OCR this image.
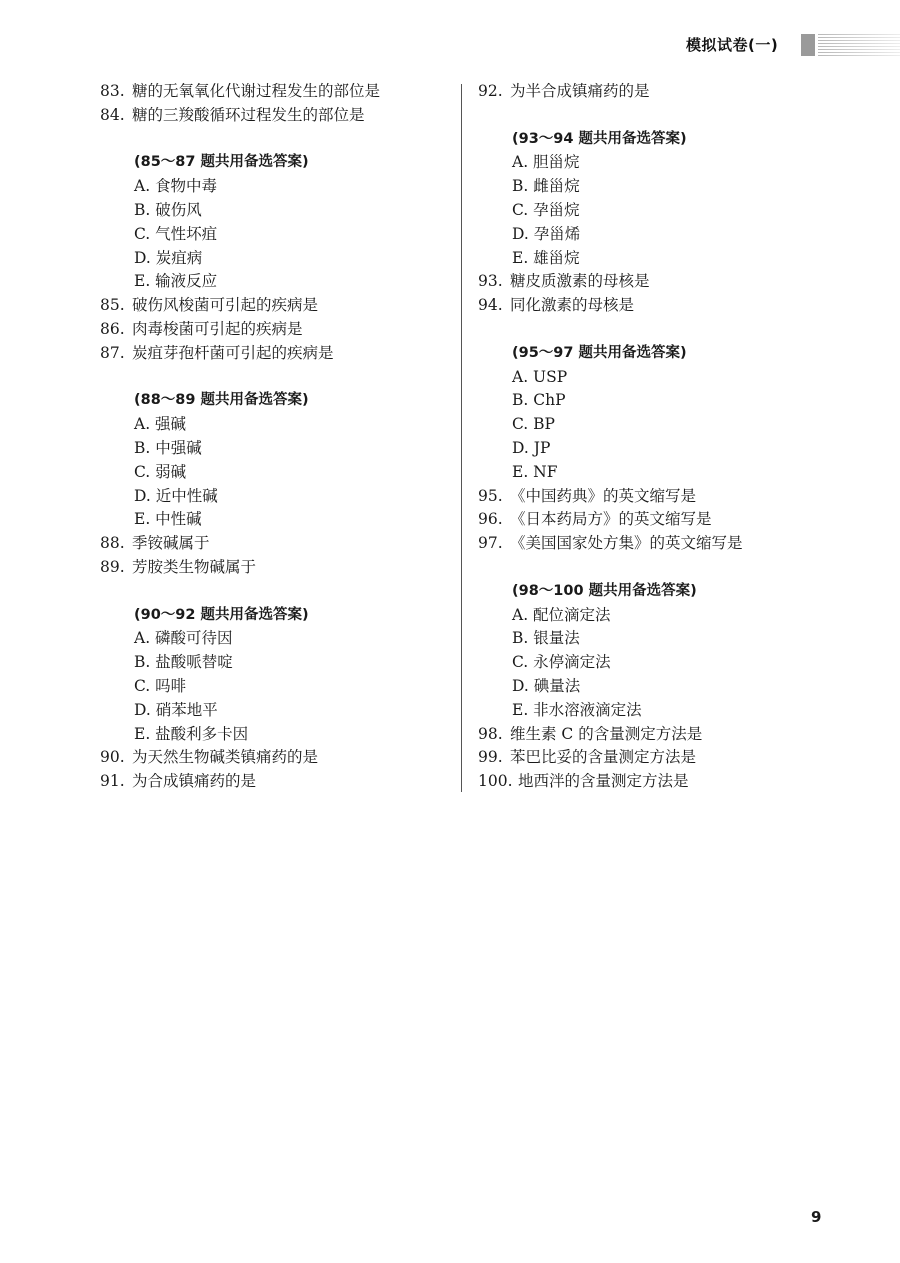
模拟试卷(一)
83. 糖的无氧氧化代谢过程发生的部位是
84. 糖的三羧酸循环过程发生的部位是
(85～87 题共用备选答案)
A. 食物中毒
B. 破伤风
C. 气性坏疽
D. 炭疽病
E. 输液反应
85. 破伤风梭菌可引起的疾病是
86. 肉毒梭菌可引起的疾病是
87. 炭疽芽孢杆菌可引起的疾病是
(88～89 题共用备选答案)
A. 强碱
B. 中强碱
C. 弱碱
D. 近中性碱
E. 中性碱
88. 季铵碱属于
89. 芳胺类生物碱属于
(90～92 题共用备选答案)
A. 磷酸可待因
B. 盐酸哌替啶
C. 吗啡
D. 硝苯地平
E. 盐酸利多卡因
90. 为天然生物碱类镇痛药的是
91. 为合成镇痛药的是
92. 为半合成镇痛药的是
(93～94 题共用备选答案)
A. 胆甾烷
B. 雌甾烷
C. 孕甾烷
D. 孕甾烯
E. 雄甾烷
93. 糖皮质激素的母核是
94. 同化激素的母核是
(95～97 题共用备选答案)
A. USP
B. ChP
C. BP
D. JP
E. NF
95. 《中国药典》的英文缩写是
96. 《日本药局方》的英文缩写是
97. 《美国国家处方集》的英文缩写是
(98～100 题共用备选答案)
A. 配位滴定法
B. 银量法
C. 永停滴定法
D. 碘量法
E. 非水溶液滴定法
98. 维生素 C 的含量测定方法是
99. 苯巴比妥的含量测定方法是
100. 地西泮的含量测定方法是
9
